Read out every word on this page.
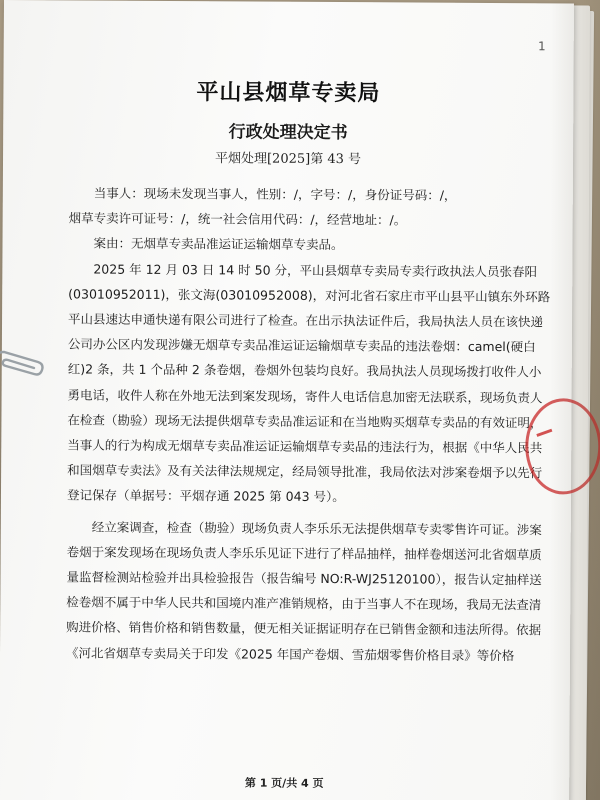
1
平山县烟草专卖局
行政处理决定书
平烟处理[2025]第 43 号

当事人：现场未发现当事人，性别：/，字号：/，身份证号码：/，

烟草专卖许可证号：/，统一社会信用代码：/，经营地址：/。

案由：无烟草专卖品准运证运输烟草专卖品。

2025 年 12 月 03 日 14 时 50 分，平山县烟草专卖局专卖行政执法人员张春阳(03010952011)，张文海(03010952008)，对河北省石家庄市平山县平山镇东外环路平山县速达申通快递有限公司进行了检查。在出示执法证件后，我局执法人员在该快递公司办公区内发现涉嫌无烟草专卖品准运证运输烟草专卖品的违法卷烟：camel(硬白红)2 条，共 1 个品种 2 条卷烟，卷烟外包装均良好。我局执法人员现场拨打收件人小勇电话，收件人称在外地无法到案发现场，寄件人电话信息加密无法联系，现场负责人在检查（勘验）现场无法提供烟草专卖品准运证和在当地购买烟草专卖品的有效证明，当事人的行为构成无烟草专卖品准运证运输烟草专卖品的违法行为，根据《中华人民共和国烟草专卖法》及有关法律法规规定，经局领导批准，我局依法对涉案卷烟予以先行登记保存（单据号：平烟存通 2025 第 043 号）。

经立案调查，检查（勘验）现场负责人李乐乐无法提供烟草专卖零售许可证。涉案卷烟于案发现场在现场负责人李乐乐见证下进行了样品抽样，抽样卷烟送河北省烟草质量监督检测站检验并出具检验报告（报告编号 NO:R-WJ25120100），报告认定抽样送检卷烟不属于中华人民共和国境内准产准销规格，由于当事人不在现场，我局无法查清购进价格、销售价格和销售数量，便无相关证据证明存在已销售金额和违法所得。依据《河北省烟草专卖局关于印发《2025 年国产卷烟、雪茄烟零售价格目录》等价格

第 1 页/共 4 页
